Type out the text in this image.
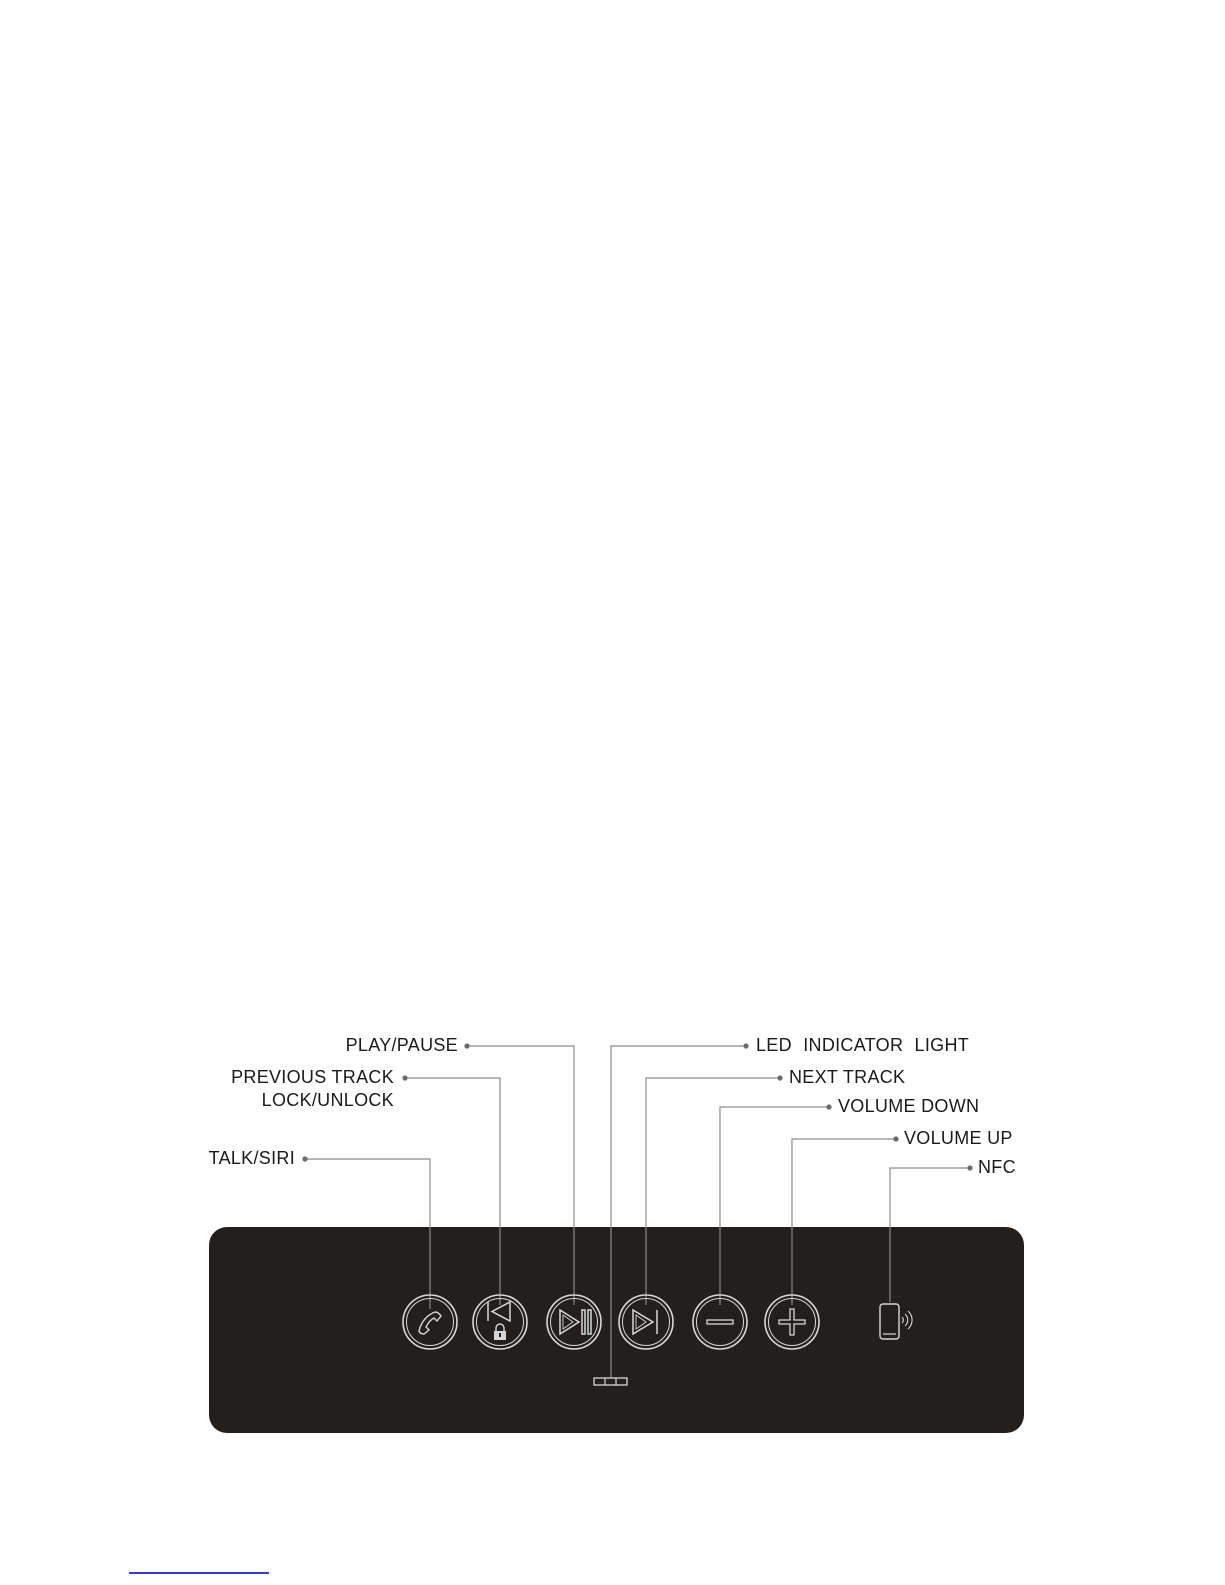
PLAY/PAUSE
PREVIOUS TRACK
LOCK/UNLOCK
TALK/SIRI
LED INDICATOR LIGHT
NEXT TRACK
VOLUME DOWN
VOLUME UP
NFC
